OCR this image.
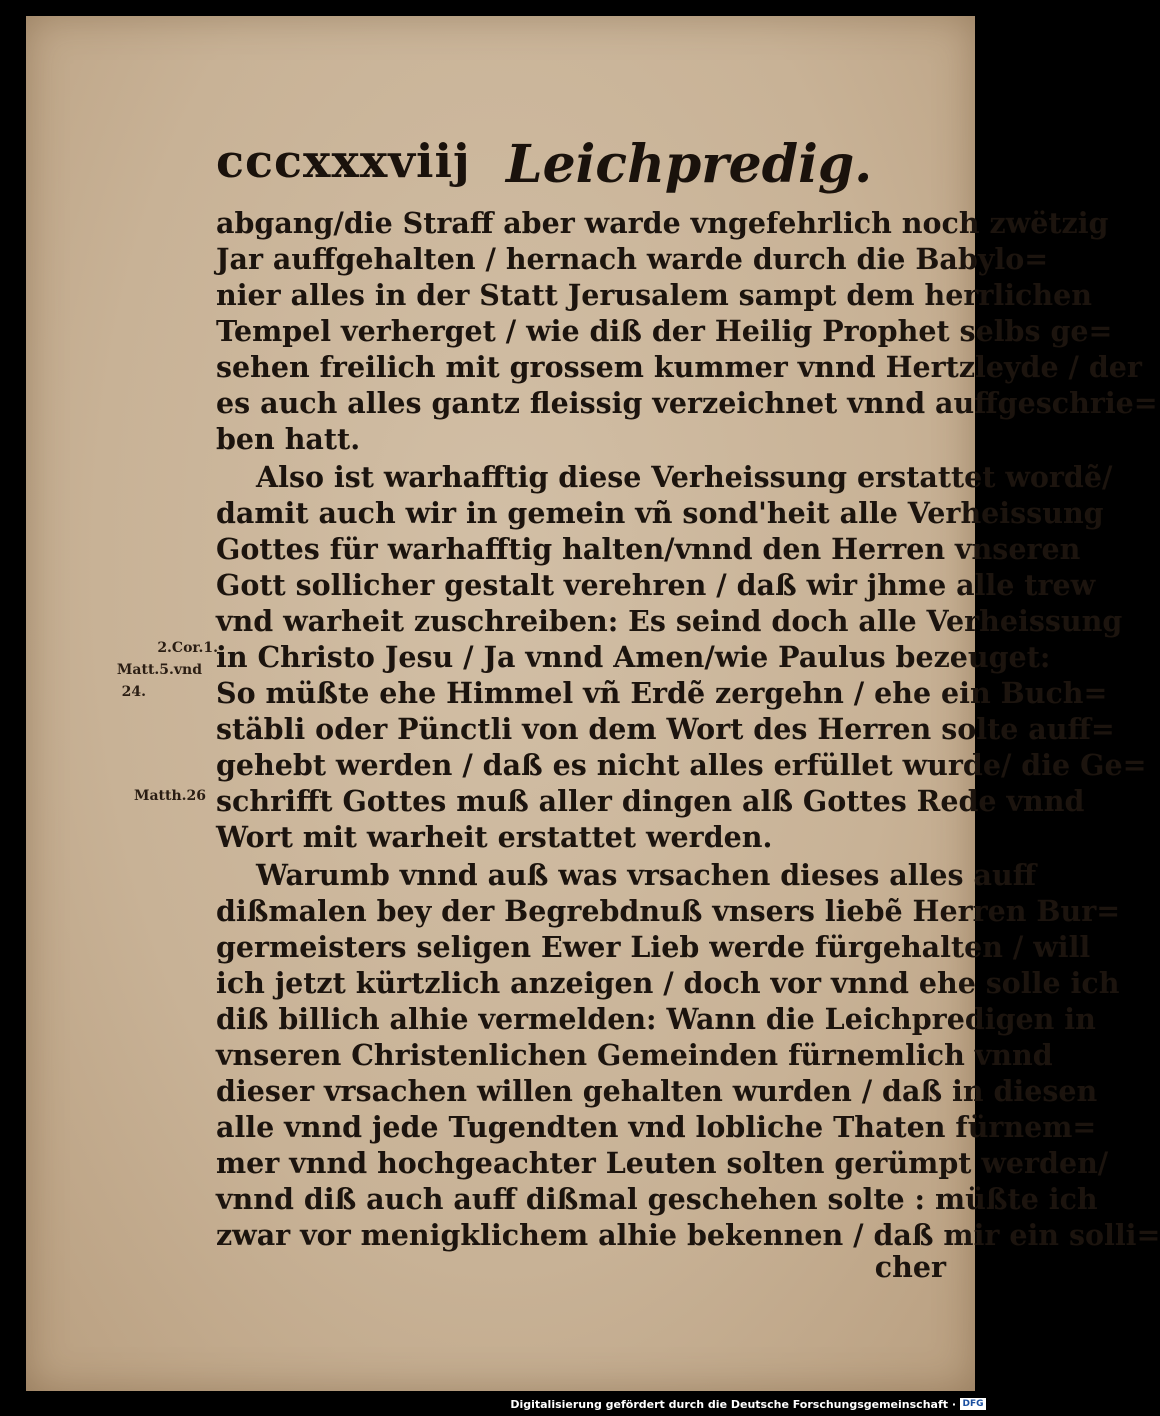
cccxxxviij Leichpredig.
abgang/die Straff aber warde vngefehrlich noch zwëtzig
Jar auffgehalten / hernach warde durch die Babylo=
nier alles in der Statt Jerusalem sampt dem herrlichen
Tempel verherget / wie diß der Heilig Prophet selbs ge=
sehen freilich mit grossem kummer vnnd Hertzleyde / der
es auch alles gantz fleissig verzeichnet vnnd auffgeschrie=
ben hatt.
Also ist warhafftig diese Verheissung erstattet wordẽ/
damit auch wir in gemein vñ sond'heit alle Verheissung
Gottes für warhafftig halten/vnnd den Herren vnseren
Gott sollicher gestalt verehren / daß wir jhme alle trew
vnd warheit zuschreiben: Es seind doch alle Verheissung
in Christo Jesu / Ja vnnd Amen/wie Paulus bezeuget:
So müßte ehe Himmel vñ Erdẽ zergehn / ehe ein Buch=
stäbli oder Pünctli von dem Wort des Herren solte auff=
gehebt werden / daß es nicht alles erfüllet wurde/ die Ge=
schrifft Gottes muß aller dingen alß Gottes Rede vnnd
Wort mit warheit erstattet werden.
Warumb vnnd auß was vrsachen dieses alles auff
dißmalen bey der Begrebdnuß vnsers liebẽ Herren Bur=
germeisters seligen Ewer Lieb werde fürgehalten / will
ich jetzt kürtzlich anzeigen / doch vor vnnd ehe solle ich
diß billich alhie vermelden: Wann die Leichpredigen in
vnseren Christenlichen Gemeinden fürnemlich vnnd
dieser vrsachen willen gehalten wurden / daß in diesen
alle vnnd jede Tugendten vnd lobliche Thaten fürnem=
mer vnnd hochgeachter Leuten solten gerümpt werden/
vnnd diß auch auff dißmal geschehen solte : müßte ich
zwar vor menigklichem alhie bekennen / daß mir ein solli=
cher
2.Cor.1.
Matt.5.vnd
24.
Matth.26
Digitalisierung gefördert durch die Deutsche Forschungsgemeinschaft · DFG
